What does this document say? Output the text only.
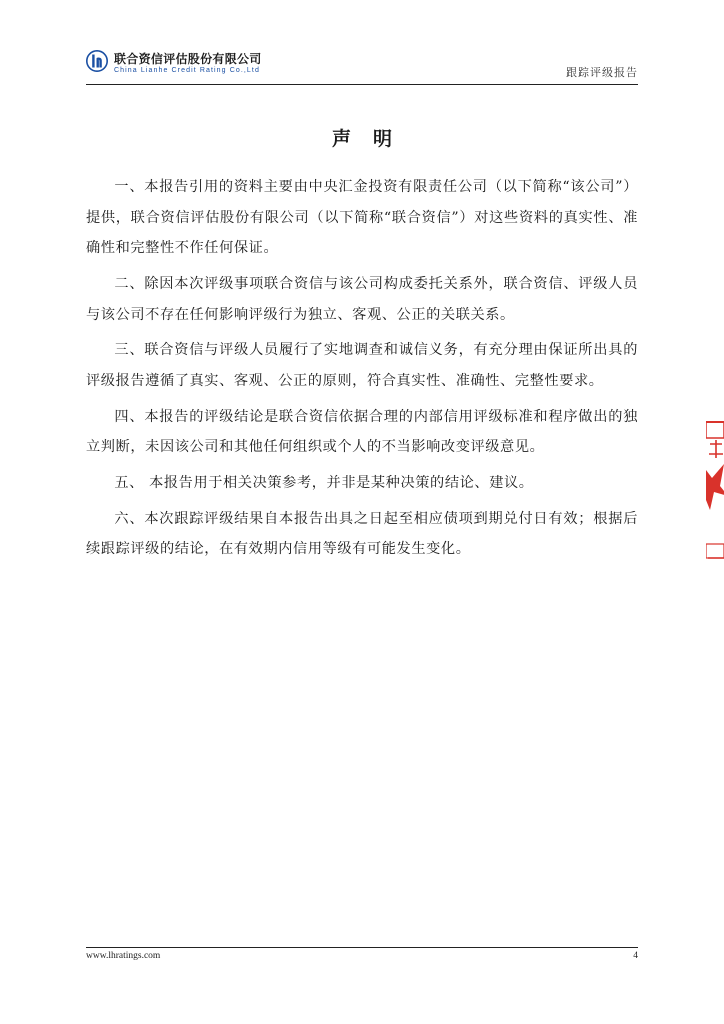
联合资信评估股份有限公司
China Lianhe Credit Rating Co.,Ltd	跟踪评级报告
声明

一、本报告引用的资料主要由中央汇金投资有限责任公司（以下简称“该公司”）提供，联合资信评估股份有限公司（以下简称“联合资信”）对这些资料的真实性、准确性和完整性不作任何保证。

二、除因本次评级事项联合资信与该公司构成委托关系外，联合资信、评级人员与该公司不存在任何影响评级行为独立、客观、公正的关联关系。

三、联合资信与评级人员履行了实地调查和诚信义务，有充分理由保证所出具的评级报告遵循了真实、客观、公正的原则，符合真实性、准确性、完整性要求。

四、本报告的评级结论是联合资信依据合理的内部信用评级标准和程序做出的独立判断，未因该公司和其他任何组织或个人的不当影响改变评级意见。

五、 本报告用于相关决策参考，并非是某种决策的结论、建议。

六、本次跟踪评级结果自本报告出具之日起至相应债项到期兑付日有效；根据后续跟踪评级的结论，在有效期内信用等级有可能发生变化。

www.lhratings.com	4
